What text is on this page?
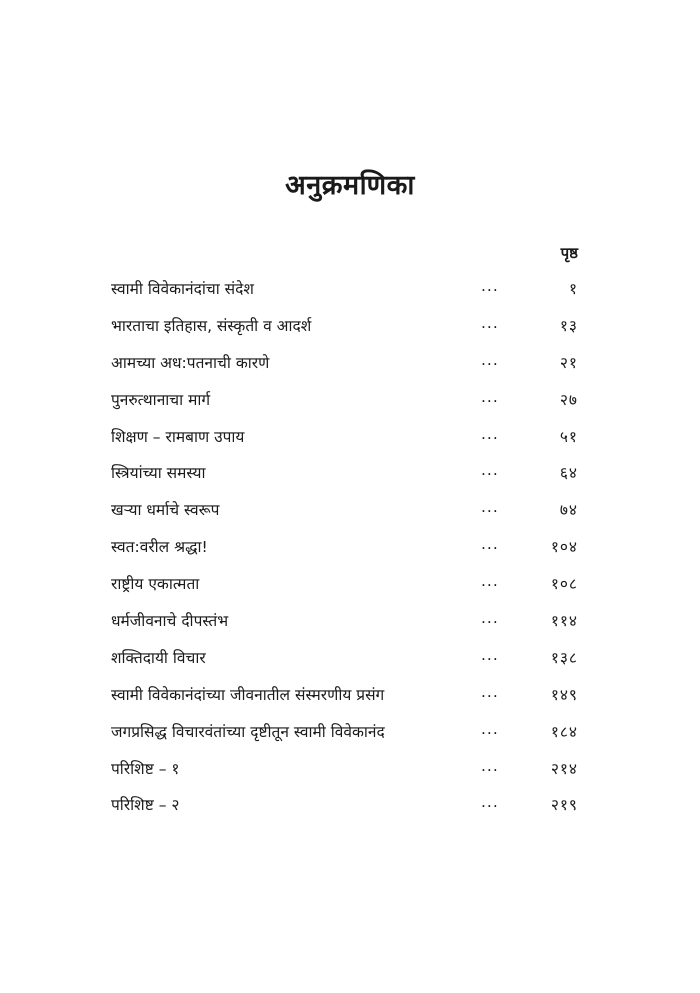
अनुक्रमणिका
पृष्ठ
स्वामी विवेकानंदांचा संदेश	...	१
भारताचा इतिहास, संस्कृती व आदर्श	...	१३
आमच्या अध:पतनाची कारणे	...	२१
पुनरुत्थानाचा मार्ग	...	२७
शिक्षण – रामबाण उपाय	...	५१
स्त्रियांच्या समस्या	...	६४
खऱ्या धर्माचे स्वरूप	...	७४
स्वत:वरील श्रद्धा!	...	१०४
राष्ट्रीय एकात्मता	...	१०८
धर्मजीवनाचे दीपस्तंभ	...	११४
शक्तिदायी विचार	...	१३८
स्वामी विवेकानंदांच्या जीवनातील संस्मरणीय प्रसंग	...	१४९
जगप्रसिद्ध विचारवंतांच्या दृष्टीतून स्वामी विवेकानंद	...	१८४
परिशिष्ट – १	...	२१४
परिशिष्ट – २	...	२१९
